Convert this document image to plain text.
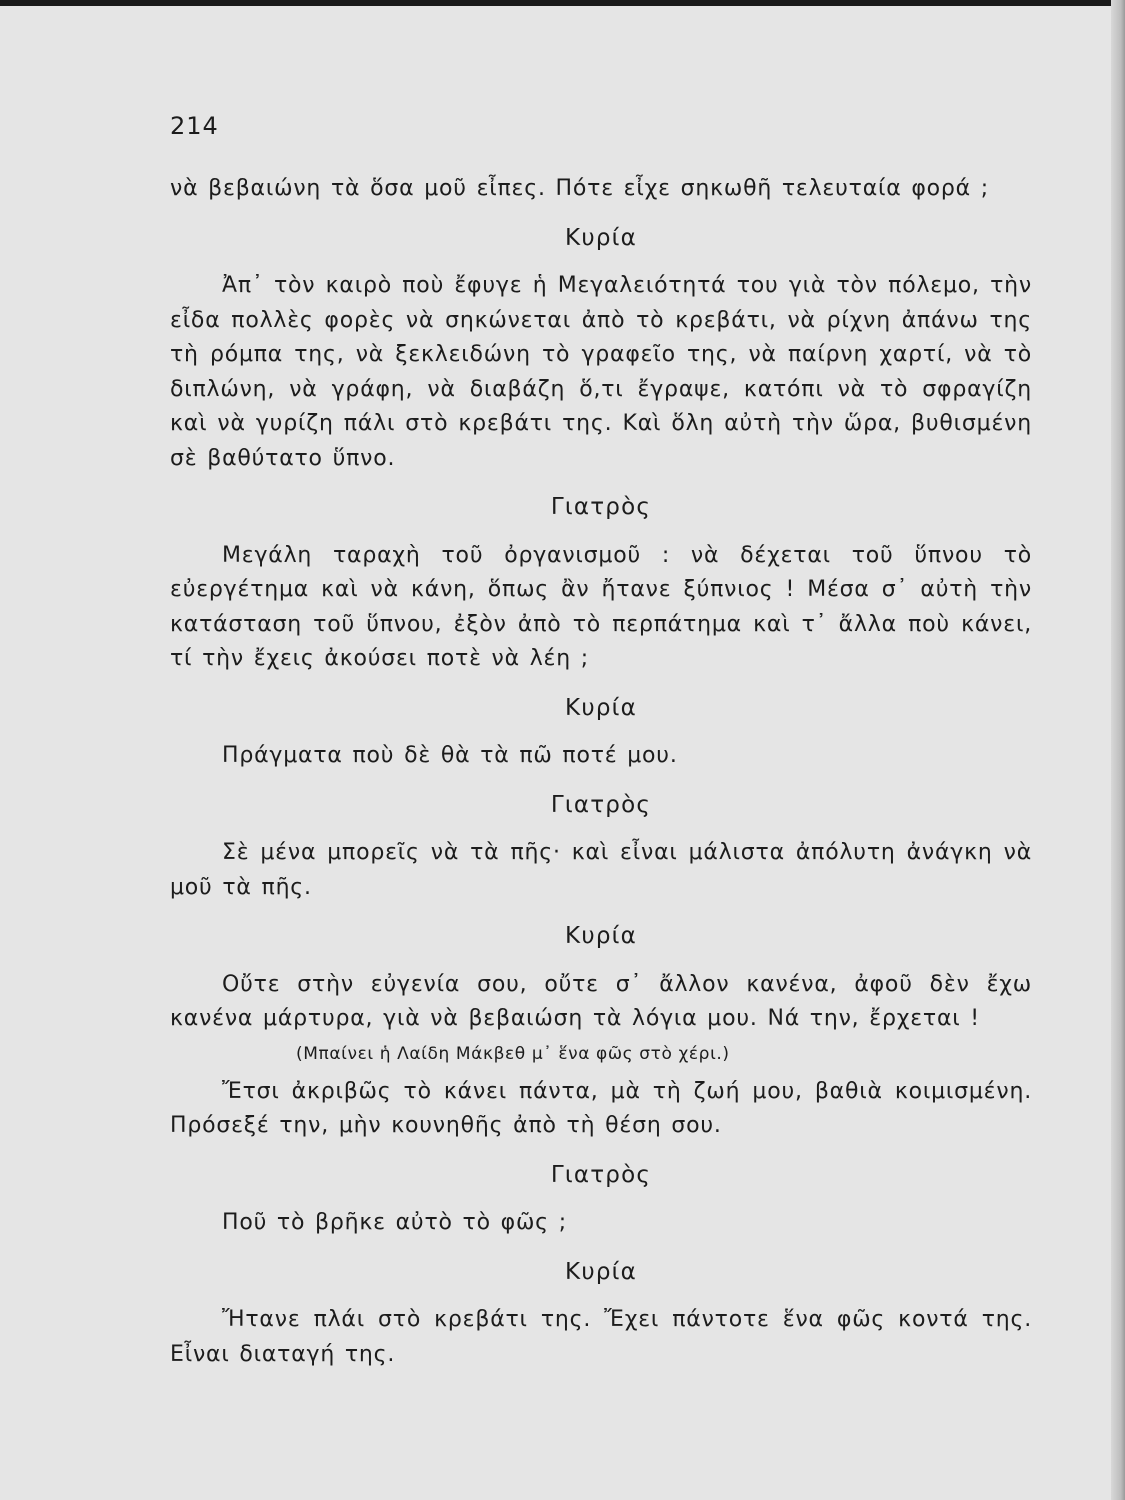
214

νὰ βεβαιώνη τὰ ὅσα μοῦ εἶπες. Πότε εἶχε σηκωθῆ τελευταία φορά ;

Κυρία

Ἀπ᾽ τὸν καιρὸ ποὺ ἔφυγε ἡ Μεγαλειότητά του γιὰ τὸν πόλεμο, τὴν εἶδα πολλὲς φορὲς νὰ σηκώνεται ἀπὸ τὸ κρεβάτι, νὰ ρίχνη ἀπάνω της τὴ ρόμπα της, νὰ ξεκλειδώνη τὸ γραφεῖο της, νὰ παίρνη χαρτί, νὰ τὸ διπλώνη, νὰ γράφη, νὰ διαβάζη ὅ,τι ἔγραψε, κατόπι νὰ τὸ σφραγίζη καὶ νὰ γυρίζη πάλι στὸ κρεβάτι της. Καὶ ὅλη αὐτὴ τὴν ὥρα, βυθισμένη σὲ βαθύτατο ὕπνο.

Γιατρὸς

Μεγάλη ταραχὴ τοῦ ὀργανισμοῦ : νὰ δέχεται τοῦ ὕπνου τὸ εὐεργέτημα καὶ νὰ κάνη, ὅπως ἂν ἤτανε ξύπνιος ! Μέσα σ᾽ αὐτὴ τὴν κατάσταση τοῦ ὕπνου, ἐξὸν ἀπὸ τὸ περπάτημα καὶ τ᾽ ἄλλα ποὺ κάνει, τί τὴν ἔχεις ἀκούσει ποτὲ νὰ λέη ;

Κυρία

Πράγματα ποὺ δὲ θὰ τὰ πῶ ποτέ μου.

Γιατρὸς

Σὲ μένα μπορεῖς νὰ τὰ πῆς· καὶ εἶναι μάλιστα ἀπόλυτη ἀνάγκη νὰ μοῦ τὰ πῆς.

Κυρία

Οὔτε στὴν εὐγενία σου, οὔτε σ᾽ ἄλλον κανένα, ἀφοῦ δὲν ἔχω κανένα μάρτυρα, γιὰ νὰ βεβαιώση τὰ λόγια μου. Νά την, ἔρχεται !

(Μπαίνει ἡ Λαίδη Μάκβεθ μ᾽ ἕνα φῶς στὸ χέρι.)

Ἔτσι ἀκριβῶς τὸ κάνει πάντα, μὰ τὴ ζωή μου, βαθιὰ κοιμισμένη. Πρόσεξέ την, μὴν κουνηθῆς ἀπὸ τὴ θέση σου.

Γιατρὸς

Ποῦ τὸ βρῆκε αὐτὸ τὸ φῶς ;

Κυρία

Ἤτανε πλάι στὸ κρεβάτι της. Ἔχει πάντοτε ἕνα φῶς κοντά της. Εἶναι διαταγή της.
